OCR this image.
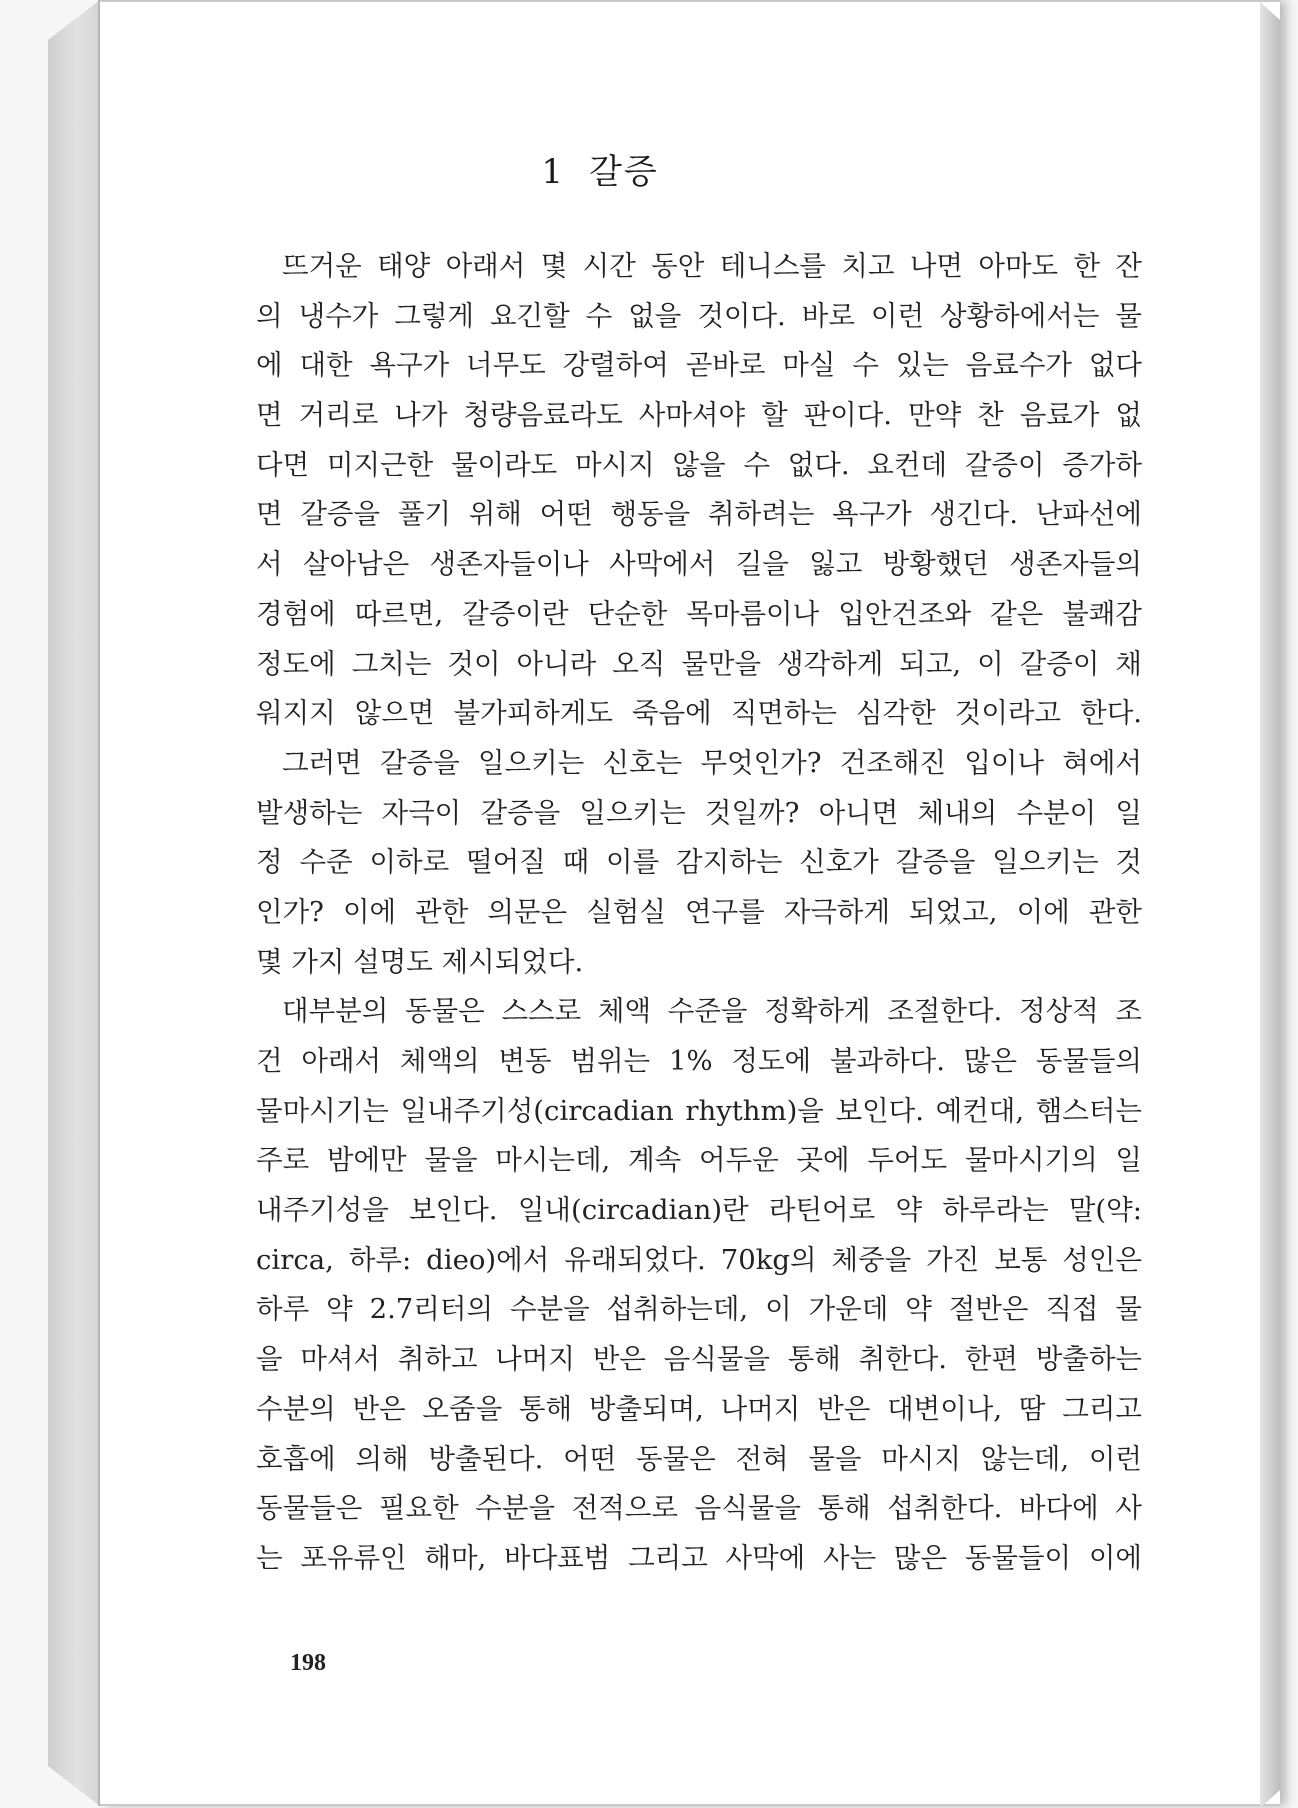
1 갈증
뜨거운 태양 아래서 몇 시간 동안 테니스를 치고 나면 아마도 한 잔
의 냉수가 그렇게 요긴할 수 없을 것이다. 바로 이런 상황하에서는 물
에 대한 욕구가 너무도 강렬하여 곧바로 마실 수 있는 음료수가 없다
면 거리로 나가 청량음료라도 사마셔야 할 판이다. 만약 찬 음료가 없
다면 미지근한 물이라도 마시지 않을 수 없다. 요컨데 갈증이 증가하
면 갈증을 풀기 위해 어떤 행동을 취하려는 욕구가 생긴다. 난파선에
서 살아남은 생존자들이나 사막에서 길을 잃고 방황했던 생존자들의
경험에 따르면, 갈증이란 단순한 목마름이나 입안건조와 같은 불쾌감
정도에 그치는 것이 아니라 오직 물만을 생각하게 되고, 이 갈증이 채
워지지 않으면 불가피하게도 죽음에 직면하는 심각한 것이라고 한다.
그러면 갈증을 일으키는 신호는 무엇인가? 건조해진 입이나 혀에서
발생하는 자극이 갈증을 일으키는 것일까? 아니면 체내의 수분이 일
정 수준 이하로 떨어질 때 이를 감지하는 신호가 갈증을 일으키는 것
인가? 이에 관한 의문은 실험실 연구를 자극하게 되었고, 이에 관한
몇 가지 설명도 제시되었다.
대부분의 동물은 스스로 체액 수준을 정확하게 조절한다. 정상적 조
건 아래서 체액의 변동 범위는 1% 정도에 불과하다. 많은 동물들의
물마시기는 일내주기성(circadian rhythm)을 보인다. 예컨대, 햄스터는
주로 밤에만 물을 마시는데, 계속 어두운 곳에 두어도 물마시기의 일
내주기성을 보인다. 일내(circadian)란 라틴어로 약 하루라는 말(약:
circa, 하루: dieo)에서 유래되었다. 70kg의 체중을 가진 보통 성인은
하루 약 2.7리터의 수분을 섭취하는데, 이 가운데 약 절반은 직접 물
을 마셔서 취하고 나머지 반은 음식물을 통해 취한다. 한편 방출하는
수분의 반은 오줌을 통해 방출되며, 나머지 반은 대변이나, 땀 그리고
호흡에 의해 방출된다. 어떤 동물은 전혀 물을 마시지 않는데, 이런
동물들은 필요한 수분을 전적으로 음식물을 통해 섭취한다. 바다에 사
는 포유류인 해마, 바다표범 그리고 사막에 사는 많은 동물들이 이에
198
